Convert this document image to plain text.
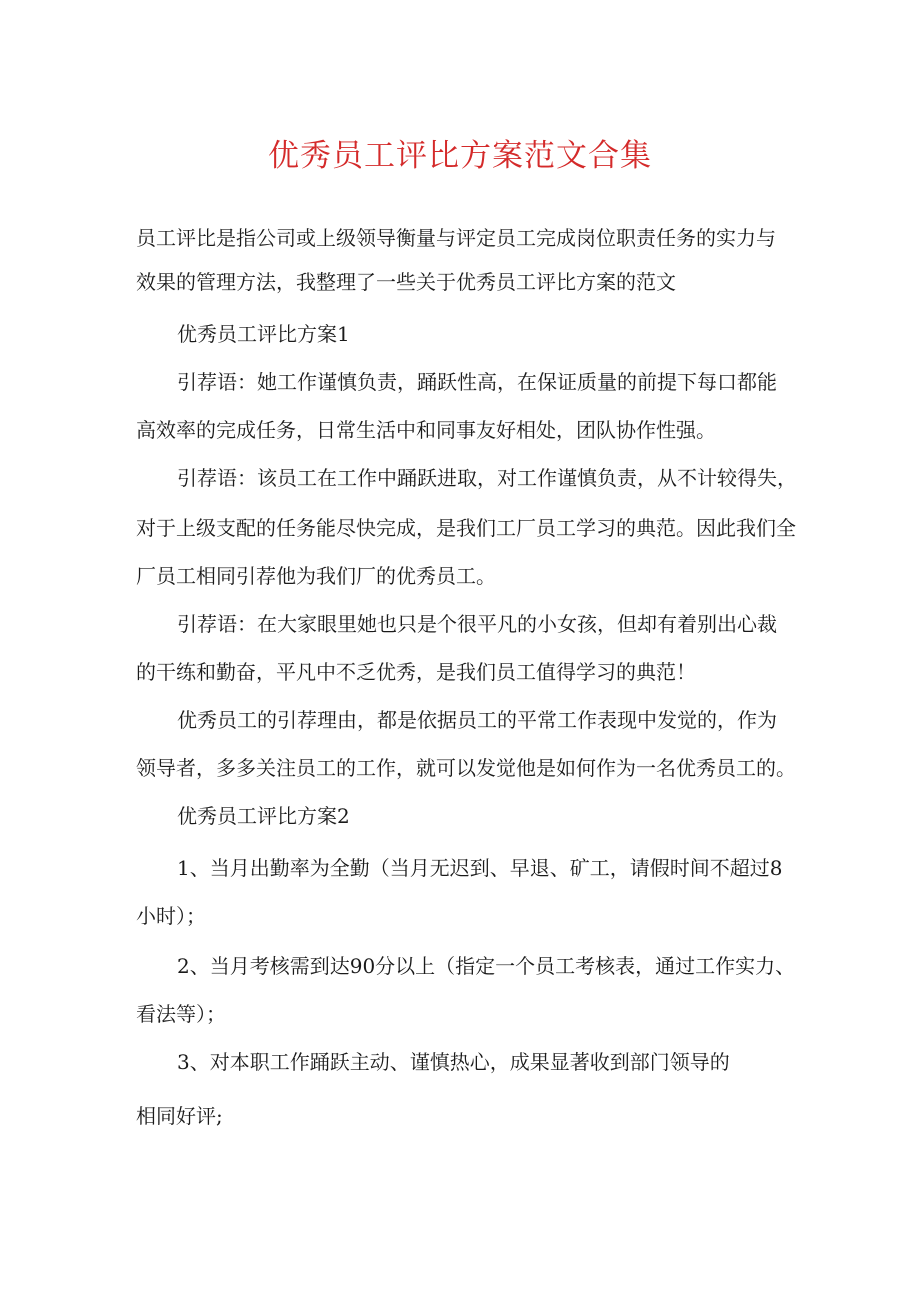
优秀员工评比方案范文合集
员工评比是指公司或上级领导衡量与评定员工完成岗位职责任务的实力与
效果的管理方法，我整理了一些关于优秀员工评比方案的范文
优秀员工评比方案1
引荐语：她工作谨慎负责，踊跃性高，在保证质量的前提下每口都能
高效率的完成任务，日常生活中和同事友好相处，团队协作性强。
引荐语：该员工在工作中踊跃进取，对工作谨慎负责，从不计较得失，
对于上级支配的任务能尽快完成，是我们工厂员工学习的典范。因此我们全
厂员工相同引荐他为我们厂的优秀员工。
引荐语：在大家眼里她也只是个很平凡的小女孩，但却有着别出心裁
的干练和勤奋，平凡中不乏优秀，是我们员工值得学习的典范！
优秀员工的引荐理由，都是依据员工的平常工作表现中发觉的，作为
领导者，多多关注员工的工作，就可以发觉他是如何作为一名优秀员工的。
优秀员工评比方案2
1、当月出勤率为全勤（当月无迟到、早退、矿工，请假时间不超过8
小时）；
2、当月考核需到达90分以上（指定一个员工考核表，通过工作实力、
看法等）；
3、对本职工作踊跃主动、谨慎热心，成果显著收到部门领导的
相同好评;
